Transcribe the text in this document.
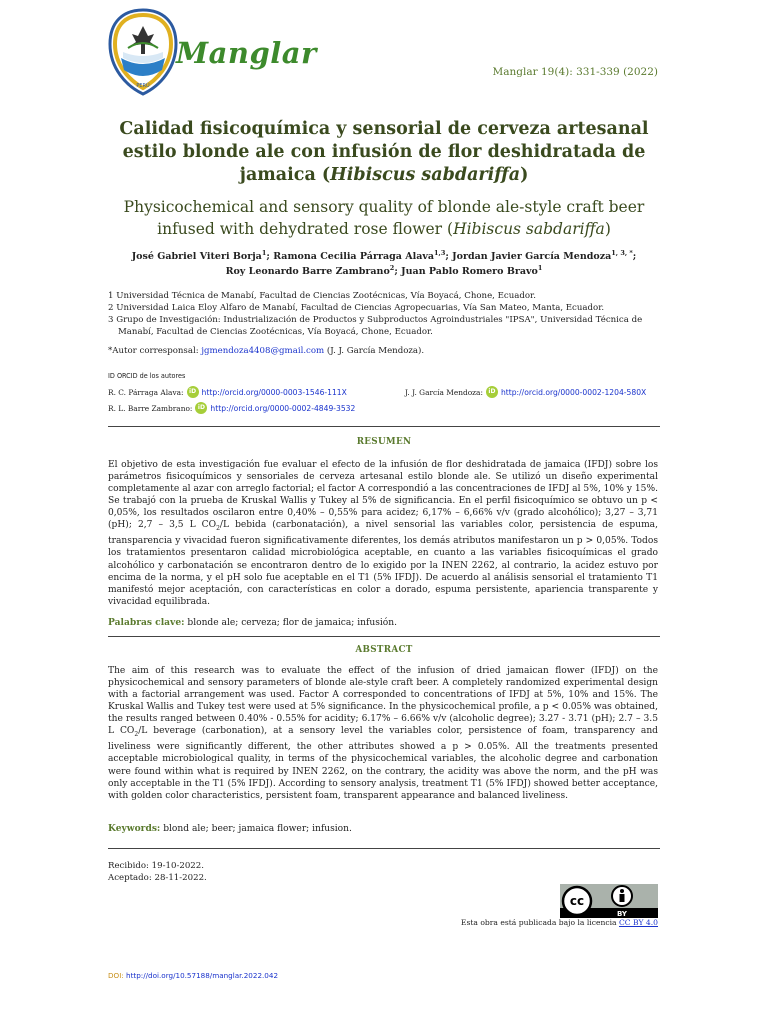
PERÚ
Manglar
Manglar 19(4): 331-339 (2022)
Calidad fisicoquímica y sensorial de cerveza artesanal
estilo blonde ale con infusión de flor deshidratada de
jamaica (Hibiscus sabdariffa)
Physicochemical and sensory quality of blonde ale-style craft beer
infused with dehydrated rose flower (Hibiscus sabdariffa)
José Gabriel Viteri Borja$^1$; Ramona Cecilia Párraga Alava$^{1,3}$; Jordan Javier García Mendoza$^{1, 3, *}$;
Roy Leonardo Barre Zambrano$^2$; Juan Pablo Romero Bravo$^1$
1 Universidad Técnica de Manabí, Facultad de Ciencias Zootécnicas, Vía Boyacá, Chone, Ecuador.
2 Universidad Laica Eloy Alfaro de Manabí, Facultad de Ciencias Agropecuarias, Vía San Mateo, Manta, Ecuador.
3 Grupo de Investigación: Industrialización de Productos y Subproductos Agroindustriales "IPSA", Universidad Técnica de Manabí, Facultad de Ciencias Zootécnicas, Vía Boyacá, Chone, Ecuador.
*Autor corresponsal: jgmendoza4408@gmail.com (J. J. García Mendoza).
ID ORCID de los autores
R. C. Párraga Alava: iD http://orcid.org/0000-0003-1546-111X	J. J. García Mendoza: iD http://orcid.org/0000-0002-1204-580X
R. L. Barre Zambrano: iD http://orcid.org/0000-0002-4849-3532
RESUMEN
El objetivo de esta investigación fue evaluar el efecto de la infusión de flor deshidratada de jamaica (IFDJ) sobre los parámetros fisicoquímicos y sensoriales de cerveza artesanal estilo blonde ale. Se utilizó un diseño experimental completamente al azar con arreglo factorial; el factor A correspondió a las concentraciones de IFDJ al 5%, 10% y 15%. Se trabajó con la prueba de Kruskal Wallis y Tukey al 5% de significancia. En el perfil fisicoquímico se obtuvo un p < 0,05%, los resultados oscilaron entre 0,40% – 0,55% para acidez; 6,17% – 6,66% v/v (grado alcohólico); 3,27 – 3,71 (pH); 2,7 – 3,5 L $CO_2/L$ bebida (carbonatación), a nivel sensorial las variables color, persistencia de espuma, transparencia y vivacidad fueron significativamente diferentes, los demás atributos manifestaron un p > 0,05%. Todos los tratamientos presentaron calidad microbiológica aceptable, en cuanto a las variables fisicoquímicas el grado alcohólico y carbonatación se encontraron dentro de lo exigido por la INEN 2262, al contrario, la acidez estuvo por encima de la norma, y el pH solo fue aceptable en el T1 (5% IFDJ). De acuerdo al análisis sensorial el tratamiento T1 manifestó mejor aceptación, con características en color a dorado, espuma persistente, apariencia transparente y vivacidad equilibrada.
Palabras clave: blonde ale; cerveza; flor de jamaica; infusión.
ABSTRACT
The aim of this research was to evaluate the effect of the infusion of dried jamaican flower (IFDJ) on the physicochemical and sensory parameters of blonde ale-style craft beer. A completely randomized experimental design with a factorial arrangement was used. Factor A corresponded to concentrations of IFDJ at 5%, 10% and 15%. The Kruskal Wallis and Tukey test were used at 5% significance. In the physicochemical profile, a p < 0.05% was obtained, the results ranged between 0.40% - 0.55% for acidity; 6.17% – 6.66% v/v (alcoholic degree); 3.27 - 3.71 (pH); 2.7 – 3.5 L $CO_2/L$ beverage (carbonation), at a sensory level the variables color, persistence of foam, transparency and liveliness were significantly different, the other attributes showed a p > 0.05%. All the treatments presented acceptable microbiological quality, in terms of the physicochemical variables, the alcoholic degree and carbonation were found within what is required by INEN 2262, on the contrary, the acidity was above the norm, and the pH was only acceptable in the T1 (5% IFDJ). According to sensory analysis, treatment T1 (5% IFDJ) showed better acceptance, with golden color characteristics, persistent foam, transparent appearance and balanced liveliness.
Keywords: blond ale; beer; jamaica flower; infusion.
Recibido: 19-10-2022.
Aceptado: 28-11-2022.
cc
BY
Esta obra está publicada bajo la licencia CC BY 4.0
DOI: http://doi.org/10.57188/manglar.2022.042
